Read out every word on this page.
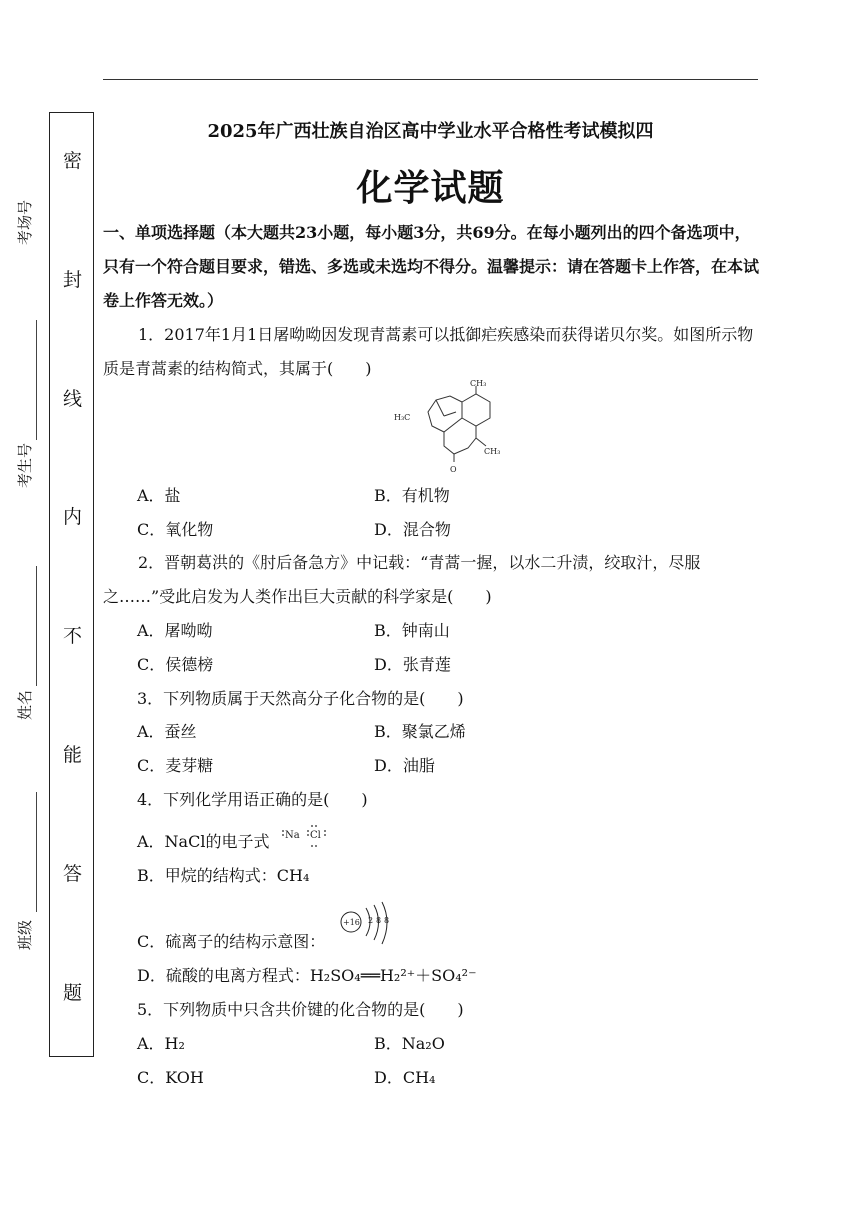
密
封
线
内
不
能
答
题
考场号
考生号
姓名
班级
2025年广西壮族自治区高中学业水平合格性考试模拟四
化学试题
一、单项选择题（本大题共23小题，每小题3分，共69分。在每小题列出的四个备选项中，只有一个符合题目要求，错选、多选或未选均不得分。温馨提示：请在答题卡上作答，在本试卷上作答无效。）
1．2017年1月1日屠呦呦因发现青蒿素可以抵御疟疾感染而获得诺贝尔奖。如图所示物质是青蒿素的结构简式，其属于(　　)
CH₃
H₃C
CH₃
O
A．盐	B．有机物
C．氧化物	D．混合物
2．晋朝葛洪的《肘后备急方》中记载：“青蒿一握，以水二升渍，绞取汁，尽服之……”受此启发为人类作出巨大贡献的科学家是(　　)
A．屠呦呦	B．钟南山
C．侯德榜	D．张青莲
3．下列物质属于天然高分子化合物的是(　　)
A．蚕丝	B．聚氯乙烯
C．麦芽糖	D．油脂
4．下列化学用语正确的是(　　)
A．NaCl的电子式 Na Cl
B．甲烷的结构式：CH₄
C．硫离子的结构示意图：
+16 2 8 8
D．硫酸的电离方程式：H₂SO₄══H₂²⁺＋SO₄²⁻
5．下列物质中只含共价键的化合物的是(　　)
A．H₂	B．Na₂O
C．KOH	D．CH₄
